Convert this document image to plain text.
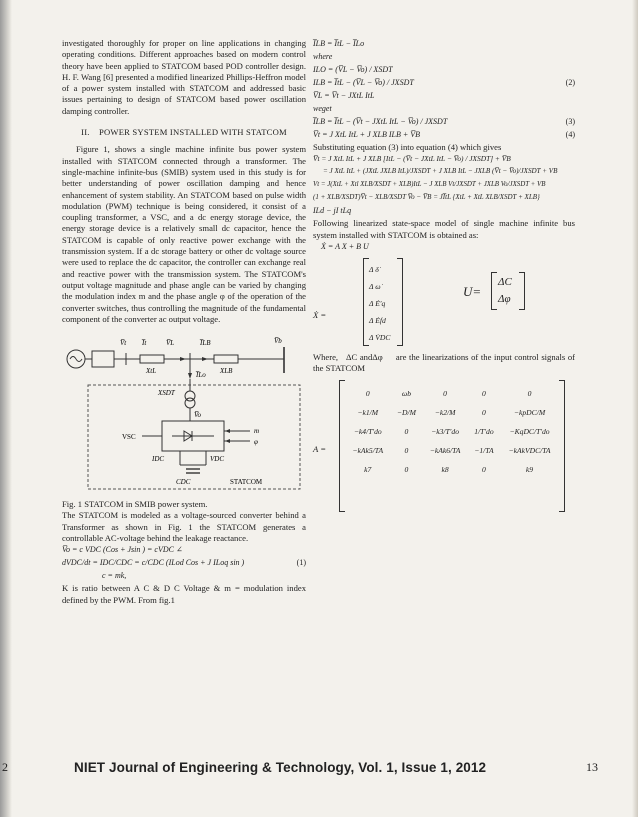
investigated thoroughly for proper on line applications in changing operating conditions. Different approaches based on modern control theory have been applied to STATCOM based POD controller design. H. F. Wang [6] presented a modified linearized Phillips-Heffron model of a power system installed with STATCOM and addressed basic issues pertaining to design of STATCOM based power oscillation damping controller.

II.    POWER SYSTEM INSTALLED WITH STATCOM

Figure 1, shows a single machine infinite bus power system installed with STATCOM connected through a transformer. The single-machine infinite-bus (SMIB) system used in this study is for better understanding of power oscillation damping and hence enhancement of system stability. An STATCOM based on pulse width modulation (PWM) technique is being considered, it consist of a coupling transformer, a VSC, and a dc energy storage device, the energy storage device is a relatively small dc capacitor, hence the STATCOM is capable of only reactive power exchange with the transmission system. If a dc storage battery or other dc voltage source were used to replace the dc capacitor, the controller can exchange real and reactive power with the transmission system. The STATCOM's output voltage magnitude and phase angle can be varied by changing the modulation index m and the phase angle φ of the operation of the converter switches, thus controlling the magnitude of the fundamental component of the converter ac output voltage.

V̅t I̅t	V̅L	I̅LB	V̅b
XtL	XLB
I̅Lo
XSDT
V̅o
VSC
m
φ
IDC	VDC
CDC	STATCOM

Fig. 1 STATCOM in SMIB power system.

The STATCOM is modeled as a voltage-sourced converter behind a Transformer as shown in Fig. 1 the STATCOM generates a controllable AC-voltage behind the leakage reactance.

V̅o = c VDC (Cos + Jsin ) = cVDC ∠
dVDC/dt = IDC/CDC = c/CDC (ILod Cos + J ILoq sin )	(1)
c = mk,

K is ratio between A C & D C Voltage & m = modulation index defined by the PWM. From fig.1

I̅LB = I̅tL − I̅Lo
where
ILO = (V̅L − V̅o) / XSDT
ILB = I̅tL − (V̅L − V̅o) / JXSDT	(2)
V̅L = V̅t − JXtL ItL
weget
I̅LB = I̅tL − (V̅t − JXtL ItL − V̅o) / JXSDT	(3)
V̅t = J XtL ItL + J XLB ILB + V̅B	(4)

Substituting equation (3) into equation (4) which gives

V̅t = J XtL ItL + J XLB [ItL − (V̅t − JXtL ItL − V̅o) / JXSDT] + V̅B
= J XtL ItL + (JXtL JXLB ItL)/JXSDT + J XLB ItL − JXLB (V̅t − V̅o)/JXSDT + VB
Vt = J(XtL + Xtl XLB/XSDT + XLB)ItL − J XLB Vt/JXSDT + JXLB Vo/JXSDT + VB
(1 + XLB/XSDT)V̅t − XLB/XSDT V̅o − V̅B = JI̅tL {XtL + XtL XLB/XSDT + XLB}
ILd − jI tLq

Following linearized state-space model of single machine infinite bus system installed with STATCOM is obtained as:

Ẋ = A X + B U
Ẋ =
Δ δ̇
Δ ω̇
Δ Ė′q
Δ Ėfd
Δ V̇DC
U=
ΔC
Δφ

Where,   ΔC andΔφ     are the linearizations of the input control signals of the STATCOM

A =
0	ωb	0	0	0
−k1/M	−D/M	−k2/M	0	−kpDC/M
−k4/T′do	0	−k3/T′do	1/T′do	−KqDC/T′do
−kAk5/TA	0	−kAk6/TA	−1/TA	−kAkVDC/TA
k7	0	k8	0	k9
2	NIET Journal of Engineering & Technology, Vol. 1, Issue 1, 2012	13
